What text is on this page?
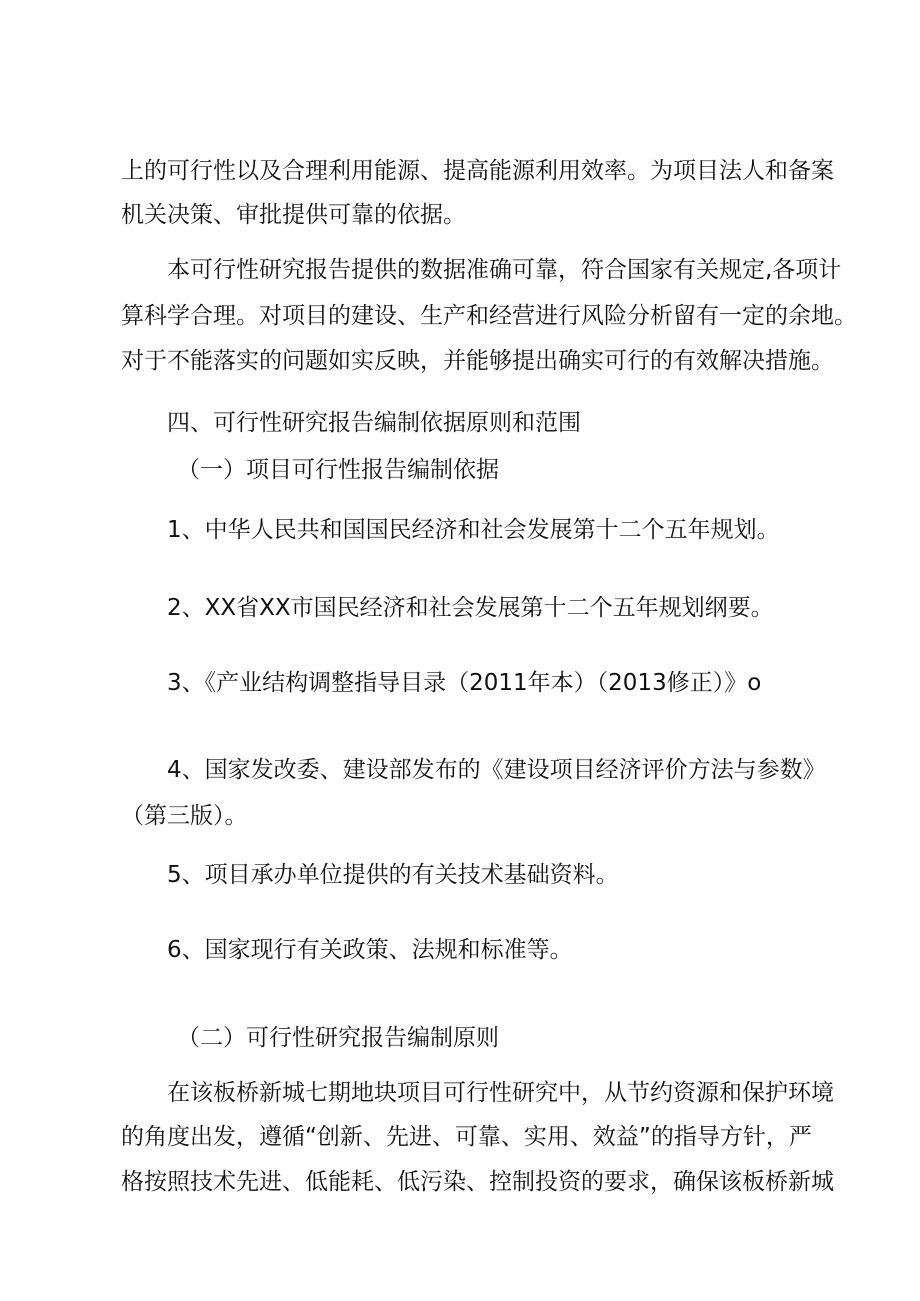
上的可行性以及合理利用能源、提高能源利用效率。为项目法人和备案

机关决策、审批提供可靠的依据。

本可行性研究报告提供的数据准确可靠，符合国家有关规定,各项计

算科学合理。对项目的建设、生产和经营进行风险分析留有一定的余地。

对于不能落实的问题如实反映，并能够提出确实可行的有效解决措施。

四、可行性研究报告编制依据原则和范围

（一）项目可行性报告编制依据

1、中华人民共和国国民经济和社会发展第十二个五年规划。

2、XX省XX市国民经济和社会发展第十二个五年规划纲要。

3、《产业结构调整指导目录（2011年本）（2013修正）》o

4、国家发改委、建设部发布的《建设项目经济评价方法与参数》

（第三版）。

5、项目承办单位提供的有关技术基础资料。

6、国家现行有关政策、法规和标准等。

（二）可行性研究报告编制原则

在该板桥新城七期地块项目可行性研究中，从节约资源和保护环境

的角度出发，遵循“创新、先进、可靠、实用、效益”的指导方针，严

格按照技术先进、低能耗、低污染、控制投资的要求，确保该板桥新城
